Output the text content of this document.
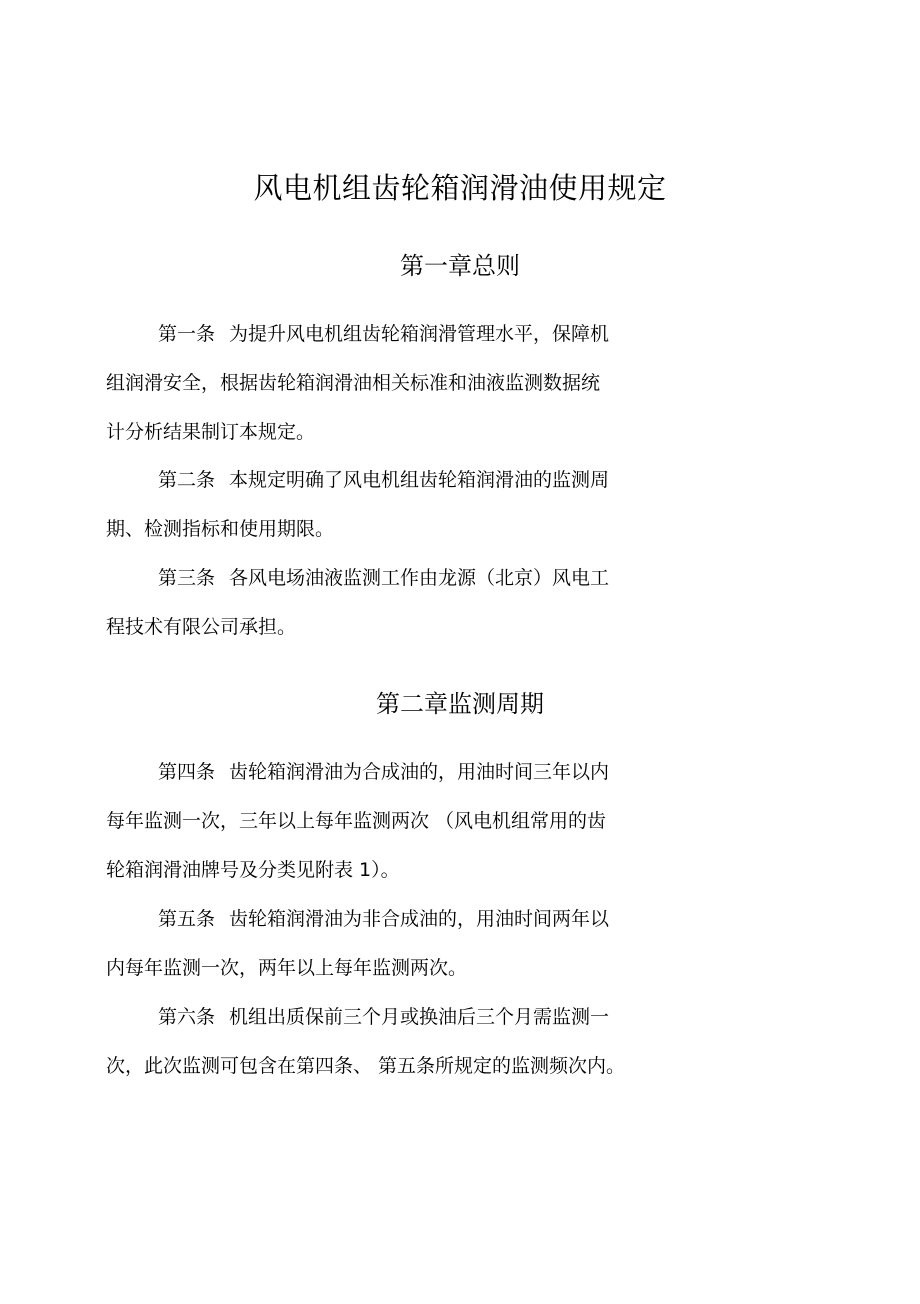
风电机组齿轮箱润滑油使用规定
第一章总则

第一条 为提升风电机组齿轮箱润滑管理水平，保障机
组润滑安全，根据齿轮箱润滑油相关标准和油液监测数据统
计分析结果制订本规定。

第二条 本规定明确了风电机组齿轮箱润滑油的监测周
期、检测指标和使用期限。

第三条 各风电场油液监测工作由龙源（北京）风电工
程技术有限公司承担。

第二章监测周期

第四条 齿轮箱润滑油为合成油的，用油时间三年以内
每年监测一次，三年以上每年监测两次 （风电机组常用的齿
轮箱润滑油牌号及分类见附表 1）。

第五条 齿轮箱润滑油为非合成油的，用油时间两年以
内每年监测一次，两年以上每年监测两次。

第六条 机组出质保前三个月或换油后三个月需监测一
次，此次监测可包含在第四条、 第五条所规定的监测频次内。
